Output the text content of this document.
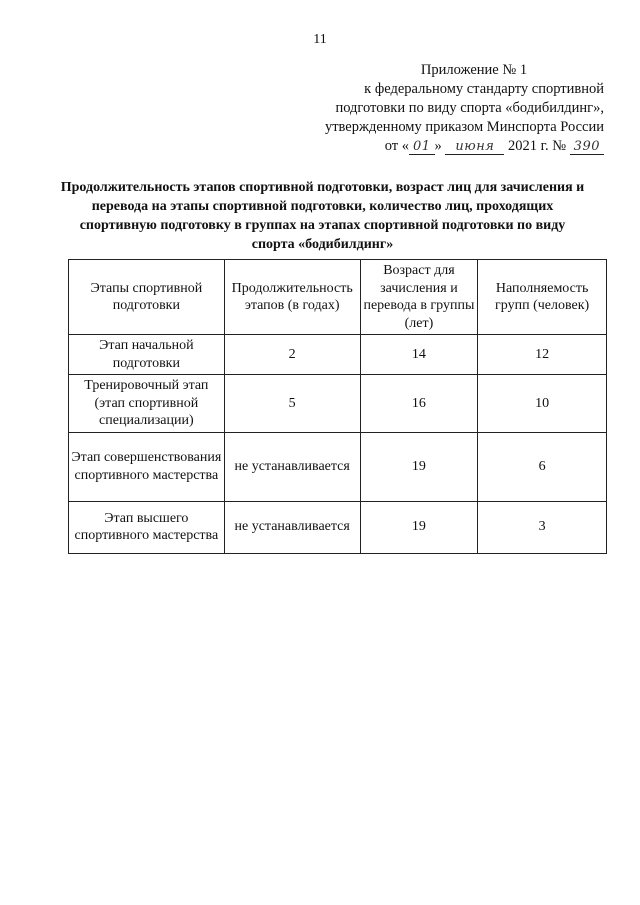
11
Приложение № 1
к федеральному стандарту спортивной
подготовки по виду спорта «бодибилдинг»,
утвержденному приказом Минспорта России
от « 01 » июня 2021 г. № 390
Продолжительность этапов спортивной подготовки, возраст лиц для зачисления и перевода на этапы спортивной подготовки, количество лиц, проходящих спортивную подготовку в группах на этапах спортивной подготовки по виду спорта «бодибилдинг»
Этапы спортивной подготовки	Продолжительность этапов (в годах)	Возраст для зачисления и перевода в группы (лет)	Наполняемость групп (человек)
Этап начальной подготовки	2	14	12
Тренировочный этап (этап спортивной специализации)	5	16	10
Этап совершенствования спортивного мастерства	не устанавливается	19	6
Этап высшего спортивного мастерства	не устанавливается	19	3
